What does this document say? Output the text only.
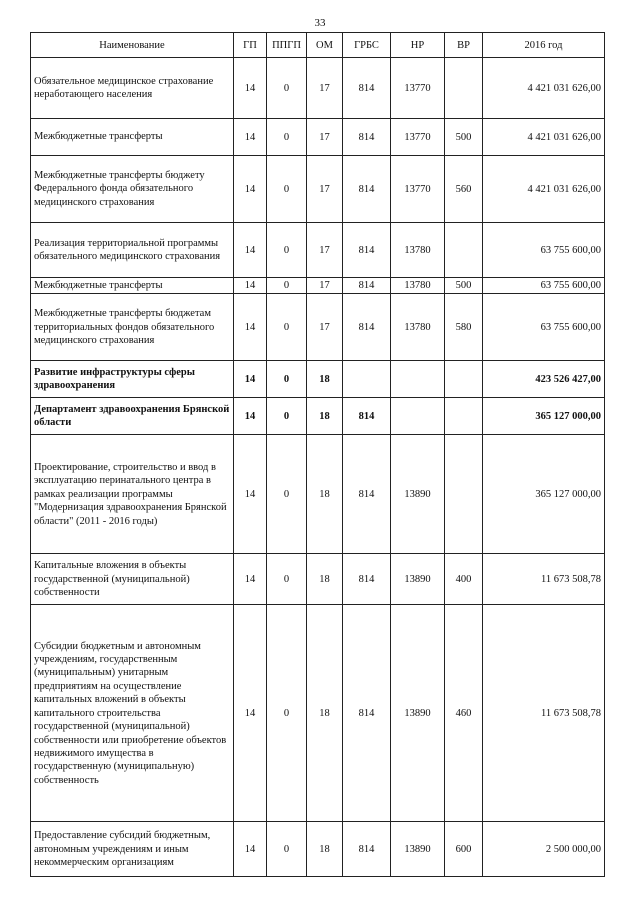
33
Наименование	ГП	ППГП	ОМ	ГРБС	НР	ВР	2016 год
Обязательное медицинское страхование неработающего населения	14	0	17	814	13770		4 421 031 626,00
Межбюджетные трансферты	14	0	17	814	13770	500	4 421 031 626,00
Межбюджетные трансферты бюджету Федерального фонда обязательного медицинского страхования	14	0	17	814	13770	560	4 421 031 626,00
Реализация территориальной программы обязательного медицинского страхования	14	0	17	814	13780		63 755 600,00
Межбюджетные трансферты	14	0	17	814	13780	500	63 755 600,00
Межбюджетные трансферты бюджетам территориальных фондов обязательного медицинского страхования	14	0	17	814	13780	580	63 755 600,00
Развитие инфраструктуры сферы здравоохранения	14	0	18				423 526 427,00
Департамент здравоохранения Брянской области	14	0	18	814			365 127 000,00
Проектирование, строительство и ввод в эксплуатацию перинатального центра в рамках реализации программы "Модернизация здравоохранения Брянской области" (2011 - 2016 годы)	14	0	18	814	13890		365 127 000,00
Капитальные вложения в объекты государственной (муниципальной) собственности	14	0	18	814	13890	400	11 673 508,78
Субсидии бюджетным и автономным учреждениям, государственным (муниципальным) унитарным предприятиям на осуществление капитальных вложений в объекты капитального строительства государственной (муниципальной) собственности или приобретение объектов недвижимого имущества в государственную (муниципальную) собственность	14	0	18	814	13890	460	11 673 508,78
Предоставление субсидий бюджетным, автономным учреждениям и иным некоммерческим организациям	14	0	18	814	13890	600	2 500 000,00
